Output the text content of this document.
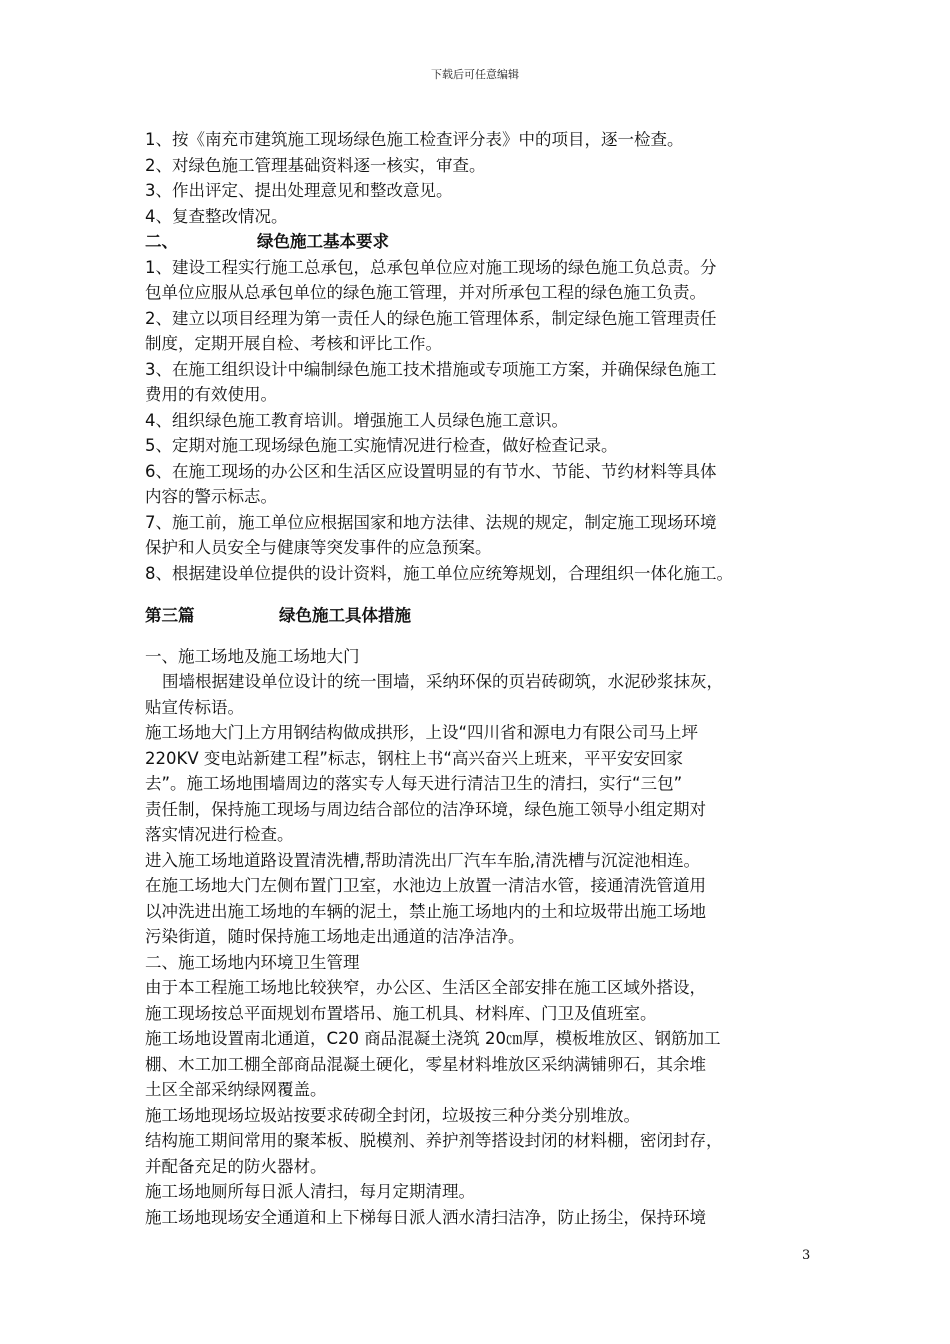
下载后可任意编辑

1、按《南充市建筑施工现场绿色施工检查评分表》中的项目，逐一检查。

2、对绿色施工管理基础资料逐一核实，审查。

3、作出评定、提出处理意见和整改意见。

4、复查整改情况。

二、	绿色施工基本要求

1、建设工程实行施工总承包，总承包单位应对施工现场的绿色施工负总责。分

包单位应服从总承包单位的绿色施工管理，并对所承包工程的绿色施工负责。

2、建立以项目经理为第一责任人的绿色施工管理体系，制定绿色施工管理责任

制度，定期开展自检、考核和评比工作。

3、在施工组织设计中编制绿色施工技术措施或专项施工方案，并确保绿色施工

费用的有效使用。

4、组织绿色施工教育培训。增强施工人员绿色施工意识。

5、定期对施工现场绿色施工实施情况进行检查，做好检查记录。

6、在施工现场的办公区和生活区应设置明显的有节水、节能、节约材料等具体

内容的警示标志。

7、施工前，施工单位应根据国家和地方法律、法规的规定，制定施工现场环境

保护和人员安全与健康等突发事件的应急预案。

8、根据建设单位提供的设计资料，施工单位应统筹规划，合理组织一体化施工。

第三篇	绿色施工具体措施

一、施工场地及施工场地大门

围墙根据建设单位设计的统一围墙，采纳环保的页岩砖砌筑，水泥砂浆抹灰，

贴宣传标语。

施工场地大门上方用钢结构做成拱形，上设“四川省和源电力有限公司马上坪

220KV 变电站新建工程”标志，钢柱上书“高兴奋兴上班来，平平安安回家

去”。施工场地围墙周边的落实专人每天进行清洁卫生的清扫，实行“三包”

责任制，保持施工现场与周边结合部位的洁净环境，绿色施工领导小组定期对

落实情况进行检查。

进入施工场地道路设置清洗槽,帮助清洗出厂汽车车胎,清洗槽与沉淀池相连。

在施工场地大门左侧布置门卫室，水池边上放置一清洁水管，接通清洗管道用

以冲洗进出施工场地的车辆的泥土，禁止施工场地内的土和垃圾带出施工场地

污染街道，随时保持施工场地走出通道的洁净洁净。

二、施工场地内环境卫生管理

由于本工程施工场地比较狭窄，办公区、生活区全部安排在施工区域外搭设，

施工现场按总平面规划布置塔吊、施工机具、材料库、门卫及值班室。

施工场地设置南北通道，C20 商品混凝土浇筑 20㎝厚，模板堆放区、钢筋加工

棚、木工加工棚全部商品混凝土硬化，零星材料堆放区采纳满铺卵石，其余堆

土区全部采纳绿网覆盖。

施工场地现场垃圾站按要求砖砌全封闭，垃圾按三种分类分别堆放。

结构施工期间常用的聚苯板、脱模剂、养护剂等搭设封闭的材料棚，密闭封存，

并配备充足的防火器材。

施工场地厕所每日派人清扫，每月定期清理。

施工场地现场安全通道和上下梯每日派人洒水清扫洁净，防止扬尘，保持环境

3
